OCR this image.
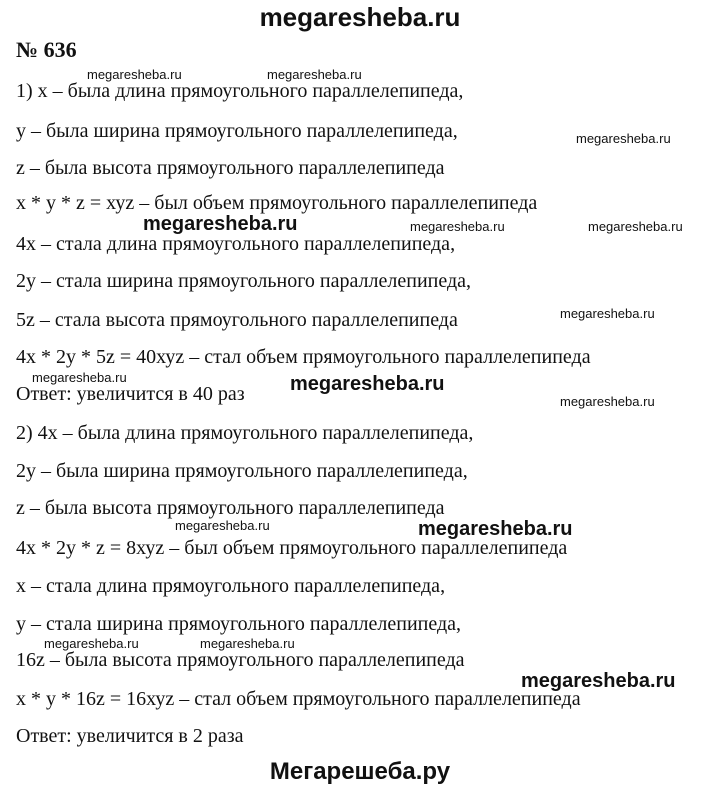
megaresheba.ru
№ 636
1) х – была длина прямоугольного параллелепипеда,
у – была ширина прямоугольного параллелепипеда,
z – была высота прямоугольного параллелепипеда
х * у * z = хуz – был объем прямоугольного параллелепипеда
4х – стала длина прямоугольного параллелепипеда,
2у – стала ширина прямоугольного параллелепипеда,
5z – стала высота прямоугольного параллелепипеда
4х * 2у * 5z = 40хуz – стал объем прямоугольного параллелепипеда
Ответ: увеличится в 40 раз
2) 4х – была длина прямоугольного параллелепипеда,
2у – была ширина прямоугольного параллелепипеда,
z – была высота прямоугольного параллелепипеда
4х * 2у * z = 8хуz – был объем прямоугольного параллелепипеда
х – стала длина прямоугольного параллелепипеда,
у – стала ширина прямоугольного параллелепипеда,
16z – была высота прямоугольного параллелепипеда
х * у * 16z = 16хуz – стал объем прямоугольного параллелепипеда
Ответ: увеличится в 2 раза
megaresheba.ru	megaresheba.ru
megaresheba.ru
megaresheba.ru	megaresheba.ru	megaresheba.ru
megaresheba.ru
megaresheba.ru	megaresheba.ru
megaresheba.ru
megaresheba.ru	megaresheba.ru
megaresheba.ru	megaresheba.ru
megaresheba.ru
Мегарешеба.ру
